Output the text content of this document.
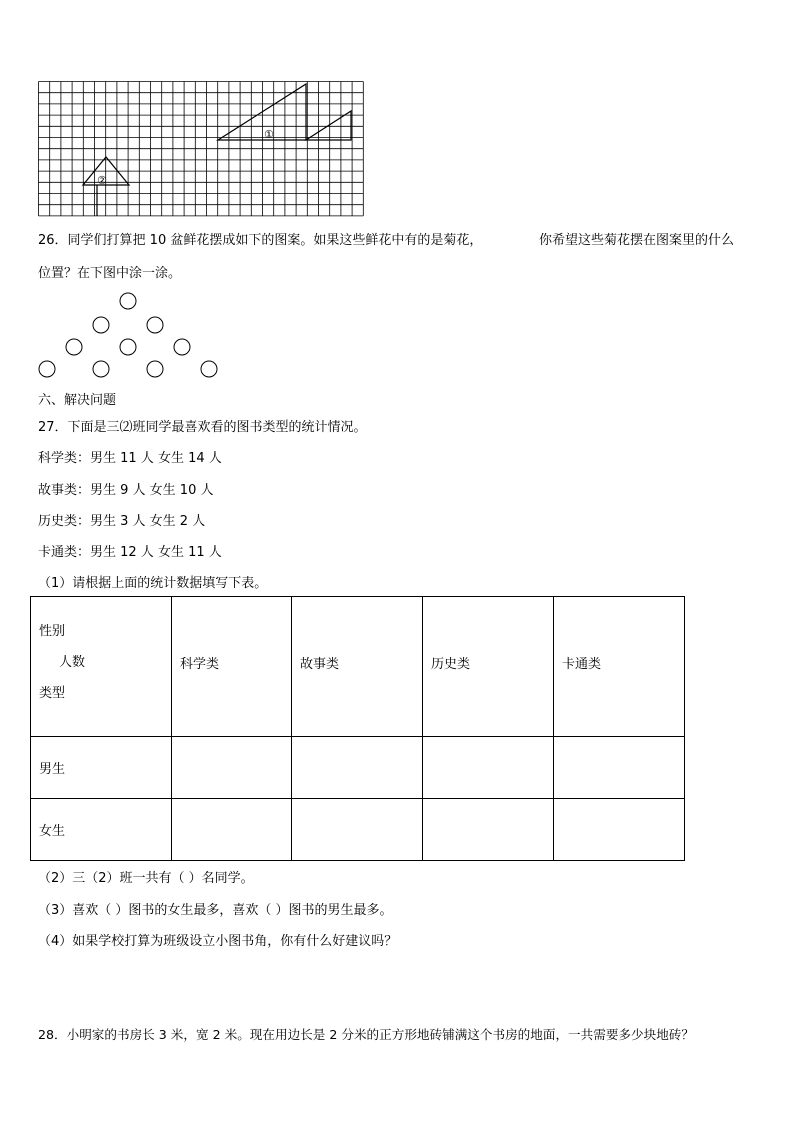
①
②
26．同学们打算把 10 盆鲜花摆成如下的图案。如果这些鲜花中有的是菊花，	你希望这些菊花摆在图案里的什么
位置？在下图中涂一涂。
六、解决问题
27．下面是三⑵班同学最喜欢看的图书类型的统计情况。
科学类：男生 11 人 女生 14 人
故事类：男生 9 人 女生 10 人
历史类：男生 3 人 女生 2 人
卡通类：男生 12 人 女生 11 人
（1）请根据上面的统计数据填写下表。
性别
人数
类型	科学类	故事类	历史类	卡通类
男生				
女生				
（2）三（2）班一共有（ ）名同学。
（3）喜欢（ ）图书的女生最多，喜欢（ ）图书的男生最多。
（4）如果学校打算为班级设立小图书角，你有什么好建议吗？
28．小明家的书房长 3 米，宽 2 米。现在用边长是 2 分米的正方形地砖铺满这个书房的地面，一共需要多少块地砖？
